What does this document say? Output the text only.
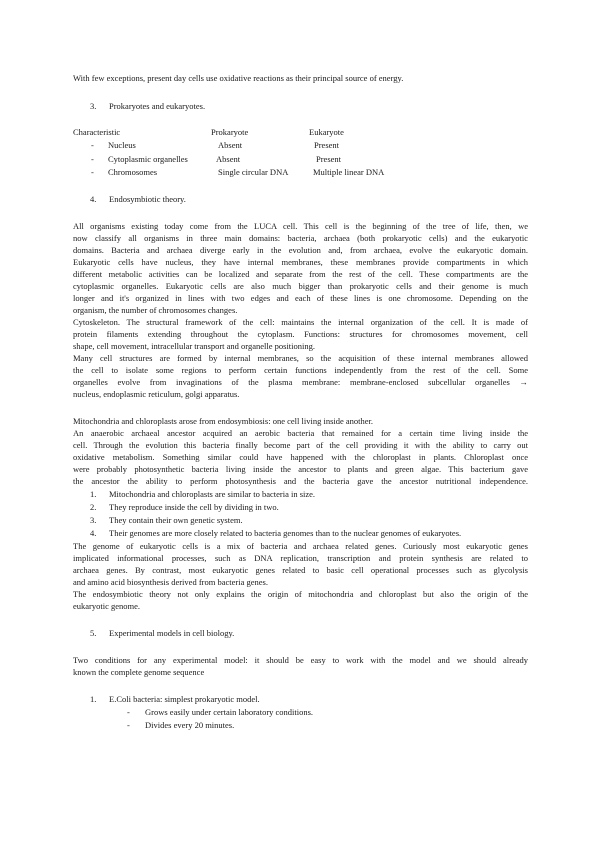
With few exceptions, present day cells use oxidative reactions as their principal source of energy.

3. Prokaryotes and eukaryotes.
Characteristic	Prokaryote	Eukaryote
- Nucleus	Absent	Present
- Cytoplasmic organelles	Absent	Present
- Chromosomes	Single circular DNA	Multiple linear DNA
4. Endosymbiotic theory.

All organisms existing today come from the LUCA cell. This cell is the beginning of the tree of life, then, we

now classify all organisms in three main domains: bacteria, archaea (both prokaryotic cells) and the eukaryotic

domains. Bacteria and archaea diverge early in the evolution and, from archaea, evolve the eukaryotic domain.

Eukaryotic cells have nucleus, they have internal membranes, these membranes provide compartments in which

different metabolic activities can be localized and separate from the rest of the cell. These compartments are the

cytoplasmic organelles. Eukaryotic cells are also much bigger than prokaryotic cells and their genome is much

longer and it's organized in lines with two edges and each of these lines is one chromosome. Depending on the

organism, the number of chromosomes changes.

Cytoskeleton. The structural framework of the cell: maintains the internal organization of the cell. It is made of

protein filaments extending throughout the cytoplasm. Functions: structures for chromosomes movement, cell

shape, cell movement, intracellular transport and organelle positioning.

Many cell structures are formed by internal membranes, so the acquisition of these internal membranes allowed

the cell to isolate some regions to perform certain functions independently from the rest of the cell. Some

organelles evolve from invaginations of the plasma membrane: membrane-enclosed subcellular organelles →

nucleus, endoplasmic reticulum, golgi apparatus.

Mitochondria and chloroplasts arose from endosymbiosis: one cell living inside another.

An anaerobic archaeal ancestor acquired an aerobic bacteria that remained for a certain time living inside the

cell. Through the evolution this bacteria finally become part of the cell providing it with the ability to carry out

oxidative metabolism. Something similar could have happened with the chloroplast in plants. Chloroplast once

were probably photosynthetic bacteria living inside the ancestor to plants and green algae. This bacterium gave

the ancestor the ability to perform photosynthesis and the bacteria gave the ancestor nutritional independence.

1. Mitochondria and chloroplasts are similar to bacteria in size.
2. They reproduce inside the cell by dividing in two.
3. They contain their own genetic system.
4. Their genomes are more closely related to bacteria genomes than to the nuclear genomes of eukaryotes.

The genome of eukaryotic cells is a mix of bacteria and archaea related genes. Curiously most eukaryotic genes

implicated informational processes, such as DNA replication, transcription and protein synthesis are related to

archaea genes. By contrast, most eukaryotic genes related to basic cell operational processes such as glycolysis

and amino acid biosynthesis derived from bacteria genes.

The endosymbiotic theory not only explains the origin of mitochondria and chloroplast but also the origin of the

eukaryotic genome.

5. Experimental models in cell biology.

Two conditions for any experimental model: it should be easy to work with the model and we should already

known the complete genome sequence

1. E.Coli bacteria: simplest prokaryotic model.
- Grows easily under certain laboratory conditions.
- Divides every 20 minutes.
